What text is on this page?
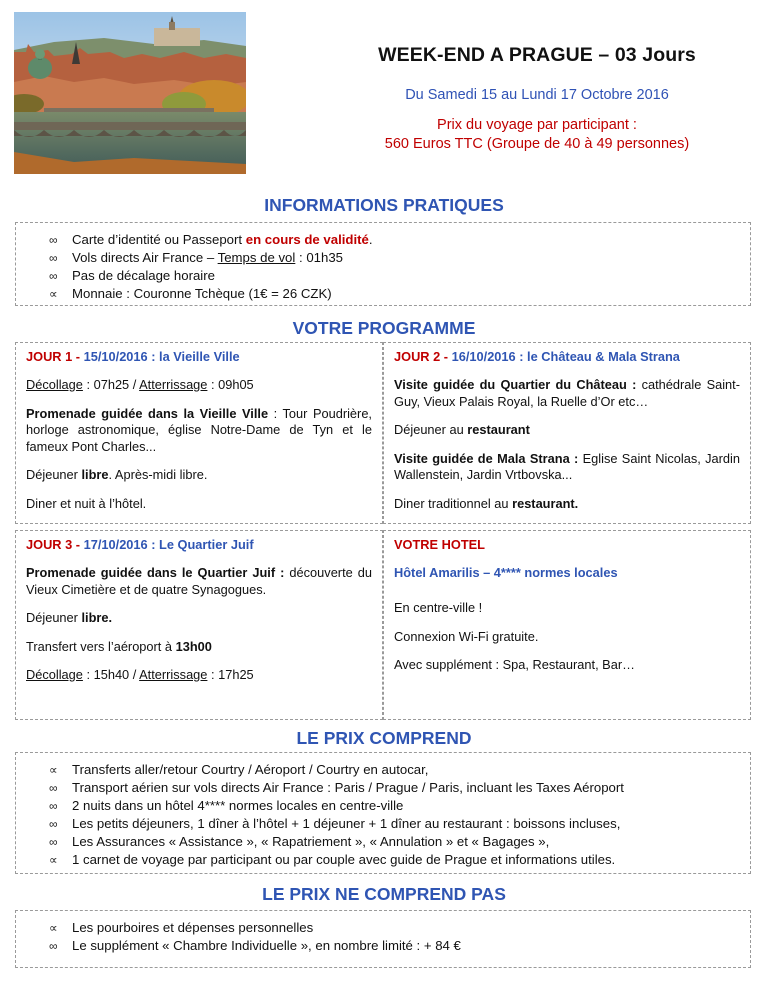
WEEK-END A PRAGUE – 03 Jours
Du Samedi 15 au Lundi 17 Octobre 2016
Prix du voyage par participant :
560 Euros TTC (Groupe de 40 à 49 personnes)
INFORMATIONS PRATIQUES
∞ Carte d’identité ou Passeport en cours de validité.
∞ Vols directs Air France – Temps de vol : 01h35
∞ Pas de décalage horaire
∝ Monnaie : Couronne Tchèque (1€ = 26 CZK)
VOTRE PROGRAMME
JOUR 1 - 15/10/2016 : la Vieille Ville

Décollage : 07h25 / Atterrissage : 09h05

Promenade guidée dans la Vieille Ville : Tour Poudrière, horloge astronomique, église Notre-Dame de Tyn et le fameux Pont Charles...

Déjeuner libre. Après-midi libre.

Diner et nuit à l’hôtel.

JOUR 2 - 16/10/2016 : le Château & Mala Strana

Visite guidée du Quartier du Château : cathédrale Saint-Guy, Vieux Palais Royal, la Ruelle d’Or etc…

Déjeuner au restaurant

Visite guidée de Mala Strana : Eglise Saint Nicolas, Jardin Wallenstein, Jardin Vrtbovska...

Diner traditionnel au restaurant.

JOUR 3 - 17/10/2016 : Le Quartier Juif

Promenade guidée dans le Quartier Juif : découverte du Vieux Cimetière et de quatre Synagogues.

Déjeuner libre.

Transfert vers l’aéroport à 13h00

Décollage : 15h40 / Atterrissage : 17h25

VOTRE HOTEL
Hôtel Amarilis – 4**** normes locales

En centre-ville !

Connexion Wi-Fi gratuite.

Avec supplément : Spa, Restaurant, Bar…

LE PRIX COMPREND
∝ Transferts aller/retour Courtry / Aéroport / Courtry en autocar,
∞ Transport aérien sur vols directs Air France : Paris / Prague / Paris, incluant les Taxes Aéroport
∞ 2 nuits dans un hôtel 4**** normes locales en centre-ville
∞ Les petits déjeuners, 1 dîner à l’hôtel + 1 déjeuner + 1 dîner au restaurant : boissons incluses,
∞ Les Assurances « Assistance », « Rapatriement », « Annulation » et « Bagages »,
∝ 1 carnet de voyage par participant ou par couple avec guide de Prague et informations utiles.
LE PRIX NE COMPREND PAS
∝ Les pourboires et dépenses personnelles
∞ Le supplément « Chambre Individuelle », en nombre limité : + 84 €
